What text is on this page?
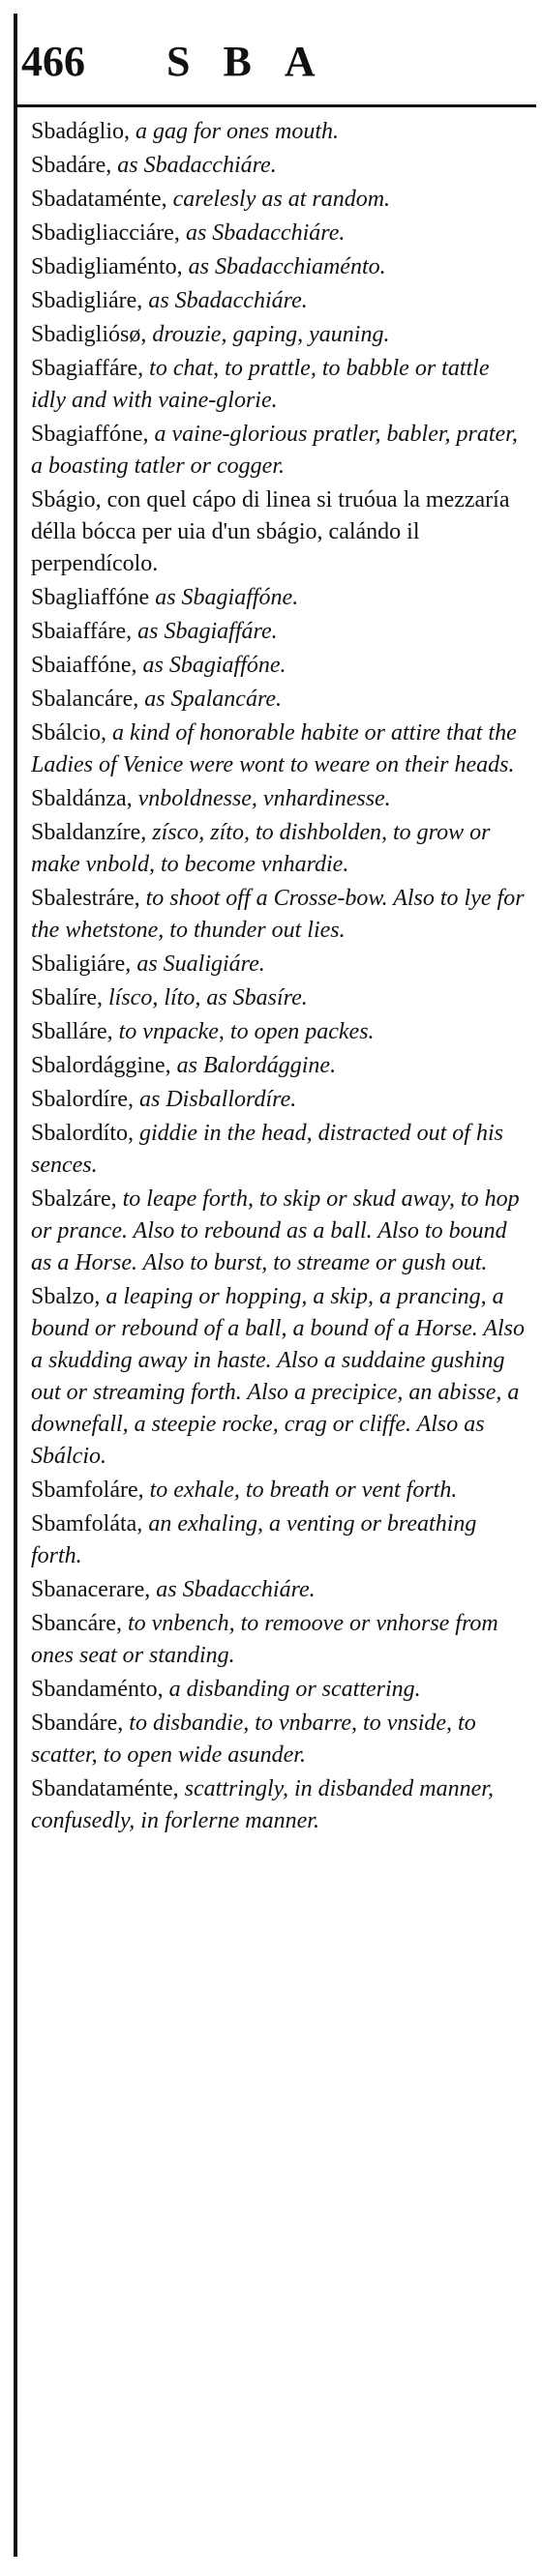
466	SBA
Sbadáglio, a gag for ones mouth.
Sbadáre, as Sbadacchiáre.
Sbadataménte, carelesly as at random.
Sbadigliacciáre, as Sbadacchiáre.
Sbadigliaménto, as Sbadacchiaménto.
Sbadigliáre, as Sbadacchiáre.
Sbadigliósø, drouzie, gaping, yauning.
Sbagiaffáre, to chat, to prattle, to babble or tattle idly and with vaine-glorie.
Sbagiaffóne, a vaine-glorious pratler, babler, prater, a boasting tatler or cogger.
Sbágio, con quel cápo di linea si truóua la mezzaría délla bócca per uia d'un sbágio, calándo il perpendícolo.
Sbagliaffóne as Sbagiaffóne.
Sbaiaffáre, as Sbagiaffáre.
Sbaiaffóne, as Sbagiaffóne.
Sbalancáre, as Spalancáre.
Sbálcio, a kind of honorable habite or attire that the Ladies of Venice were wont to weare on their heads.
Sbaldánza, vnboldnesse, vnhardinesse.
Sbaldanzíre, zísco, zíto, to dishbolden, to grow or make vnbold, to become vnhardie.
Sbalestráre, to shoot off a Crosse-bow. Also to lye for the whetstone, to thunder out lies.
Sbaligiáre, as Sualigiáre.
Sbalíre, lísco, líto, as Sbasíre.
Sballáre, to vnpacke, to open packes.
Sbalordággine, as Balordággine.
Sbalordíre, as Disballordíre.
Sbalordíto, giddie in the head, distracted out of his sences.
Sbalzáre, to leape forth, to skip or skud away, to hop or prance. Also to rebound as a ball. Also to bound as a Horse. Also to burst, to streame or gush out.
Sbalzo, a leaping or hopping, a skip, a prancing, a bound or rebound of a ball, a bound of a Horse. Also a skudding away in haste. Also a suddaine gushing out or streaming forth. Also a precipice, an abisse, a downefall, a steepie rocke, crag or cliffe. Also as Sbálcio.
Sbamfoláre, to exhale, to breath or vent forth.
Sbamfoláta, an exhaling, a venting or breathing forth.
Sbanacerare, as Sbadacchiáre.
Sbancáre, to vnbench, to remoove or vnhorse from ones seat or standing.
Sbandaménto, a disbanding or scattering.
Sbandáre, to disbandie, to vnbarre, to vnside, to scatter, to open wide asunder.
Sbandataménte, scattringly, in disbanded manner, confusedly, in forlerne manner.
